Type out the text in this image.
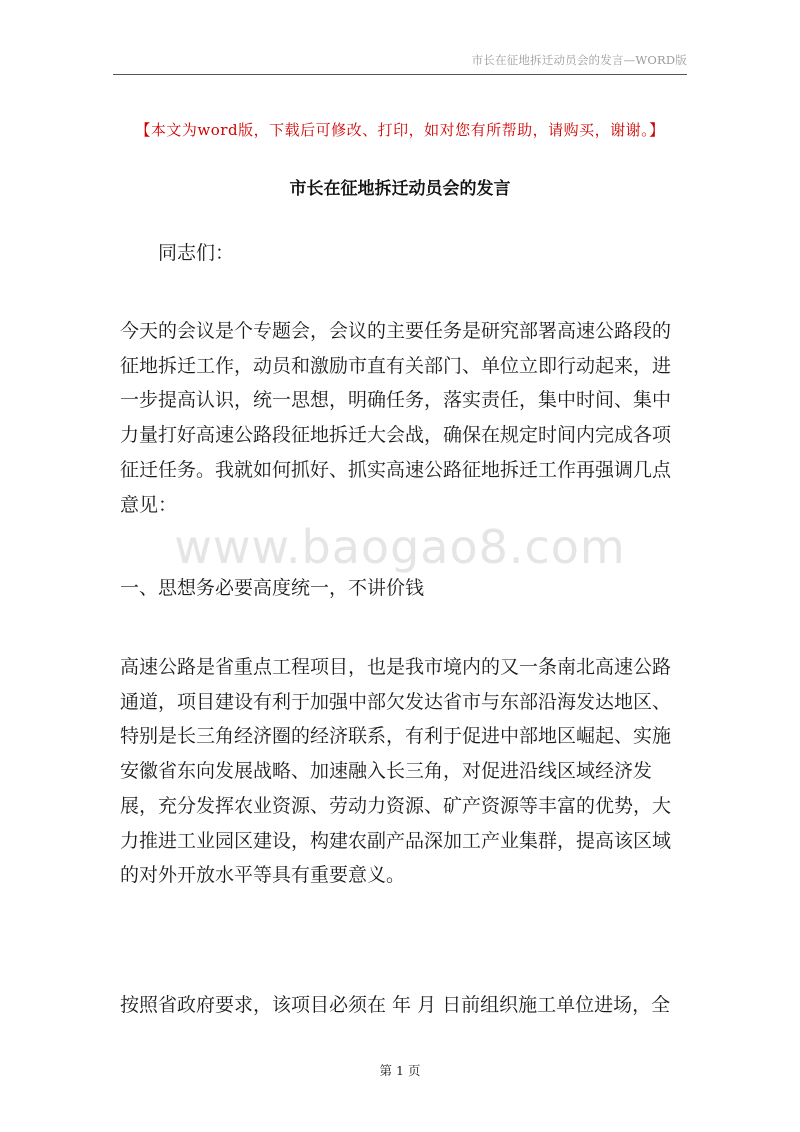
市长在征地拆迁动员会的发言—WORD版
【本文为word版，下载后可修改、打印，如对您有所帮助，请购买，谢谢。】
市长在征地拆迁动员会的发言

同志们：

今天的会议是个专题会，会议的主要任务是研究部署高速公路段的征地拆迁工作，动员和激励市直有关部门、单位立即行动起来，进一步提高认识，统一思想，明确任务，落实责任，集中时间、集中力量打好高速公路段征地拆迁大会战，确保在规定时间内完成各项征迁任务。我就如何抓好、抓实高速公路征地拆迁工作再强调几点意见：

www.baogao8.com

一、思想务必要高度统一，不讲价钱

高速公路是省重点工程项目，也是我市境内的又一条南北高速公路通道，项目建设有利于加强中部欠发达省市与东部沿海发达地区、特别是长三角经济圈的经济联系，有利于促进中部地区崛起、实施安徽省东向发展战略、加速融入长三角，对促进沿线区域经济发展，充分发挥农业资源、劳动力资源、矿产资源等丰富的优势，大力推进工业园区建设，构建农副产品深加工产业集群，提高该区域的对外开放水平等具有重要意义。

按照省政府要求，该项目必须在 年 月 日前组织施工单位进场，全

第 1 页
